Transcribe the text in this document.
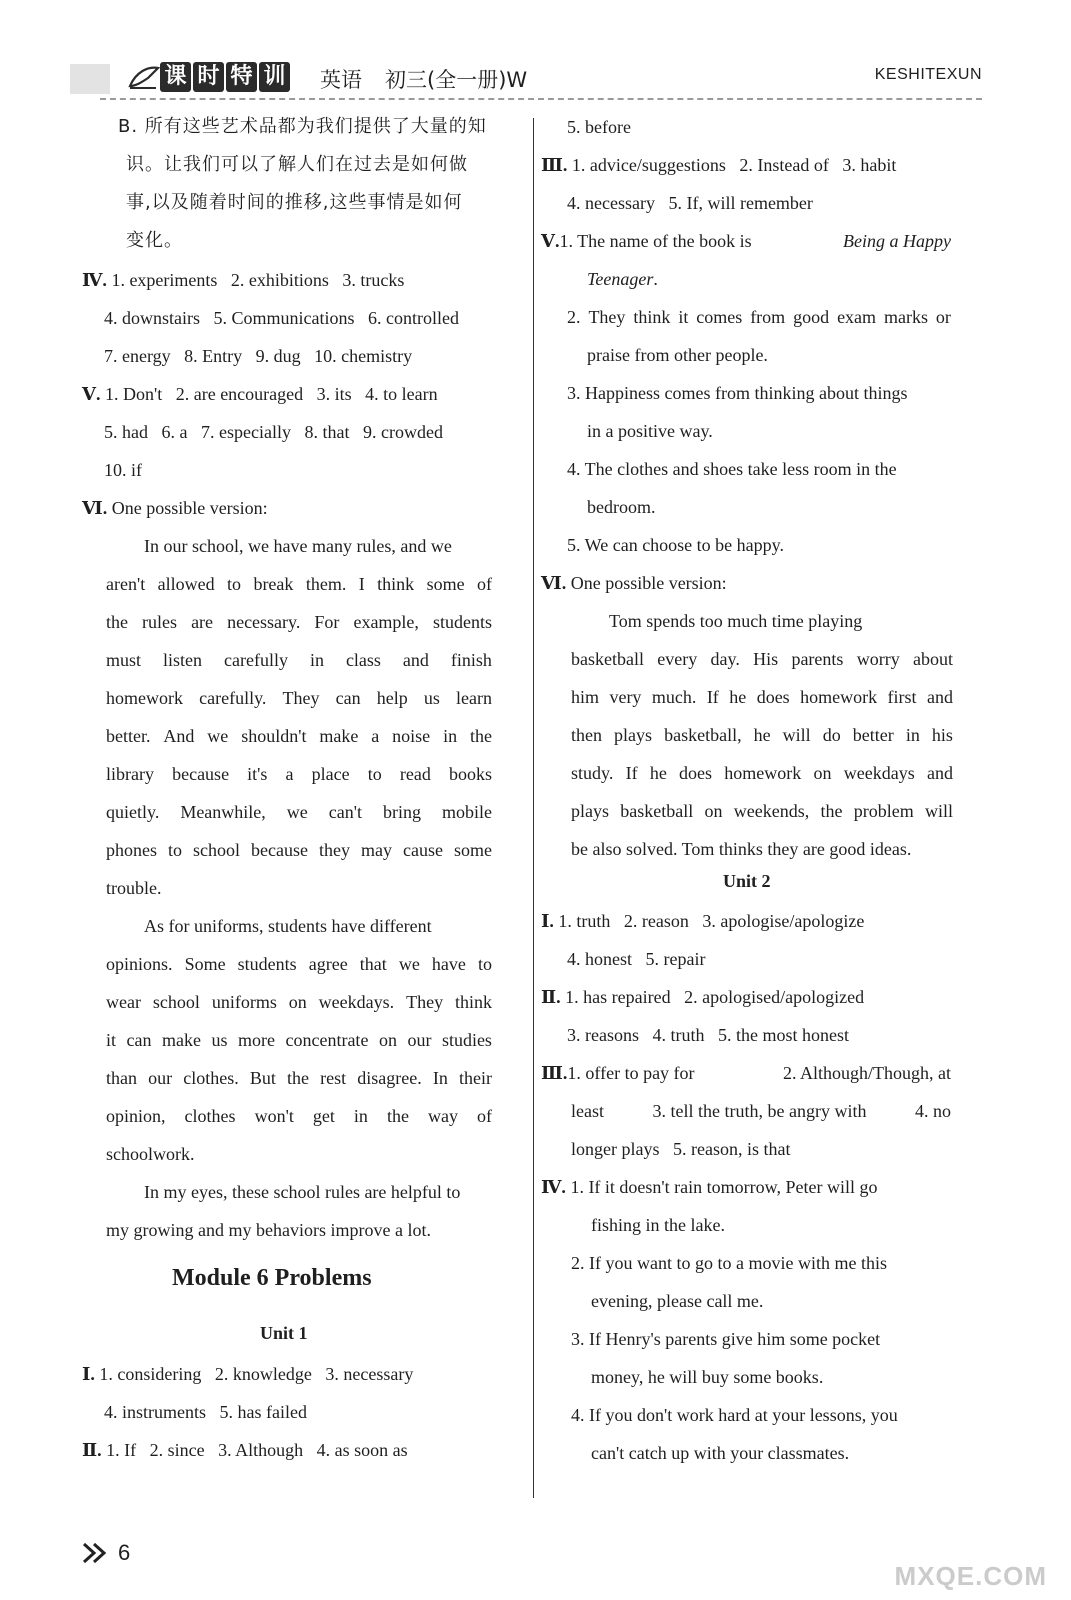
课 时 特 训 英语 初三(全一册)W	KESHITEXUN
B. 所有这些艺术品都为我们提供了大量的知
识。让我们可以了解人们在过去是如何做
事,以及随着时间的推移,这些事情是如何
变化。
Ⅳ. 1. experiments 2. exhibitions 3. trucks
4. downstairs 5. Communications 6. controlled
7. energy 8. Entry 9. dug 10. chemistry
Ⅴ. 1. Don't 2. are encouraged 3. its 4. to learn
5. had 6. a 7. especially 8. that 9. crowded
10. if
Ⅵ. One possible version:
In our school, we have many rules, and we
aren't allowed to break them. I think some of
the rules are necessary. For example, students
must listen carefully in class and finish
homework carefully. They can help us learn
better. And we shouldn't make a noise in the
library because it's a place to read books
quietly. Meanwhile, we can't bring mobile
phones to school because they may cause some
trouble.
As for uniforms, students have different
opinions. Some students agree that we have to
wear school uniforms on weekdays. They think
it can make us more concentrate on our studies
than our clothes. But the rest disagree. In their
opinion, clothes won't get in the way of
schoolwork.
In my eyes, these school rules are helpful to
my growing and my behaviors improve a lot.
Module 6 Problems
Unit 1
Ⅰ. 1. considering 2. knowledge 3. necessary
4. instruments 5. has failed
Ⅱ. 1. If 2. since 3. Although 4. as soon as
5. before
Ⅲ. 1. advice/suggestions 2. Instead of 3. habit
4. necessary 5. If, will remember
Ⅴ.1. The name of the book is	Being a Happy
Teenager.
2. They think it comes from good exam marks or
praise from other people.
3. Happiness comes from thinking about things
in a positive way.
4. The clothes and shoes take less room in the
bedroom.
5. We can choose to be happy.
Ⅵ. One possible version:
Tom spends too much time playing
basketball every day. His parents worry about
him very much. If he does homework first and
then plays basketball, he will do better in his
study. If he does homework on weekdays and
plays basketball on weekends, the problem will
be also solved. Tom thinks they are good ideas.
Unit 2
Ⅰ. 1. truth 2. reason 3. apologise/apologize
4. honest 5. repair
Ⅱ. 1. has repaired 2. apologised/apologized
3. reasons 4. truth 5. the most honest
Ⅲ.1. offer to pay for	2. Although/Though, at
least	3. tell the truth, be angry with	4. no
longer plays 5. reason, is that
Ⅳ. 1. If it doesn't rain tomorrow, Peter will go
fishing in the lake.
2. If you want to go to a movie with me this
evening, please call me.
3. If Henry's parents give him some pocket
money, he will buy some books.
4. If you don't work hard at your lessons, you
can't catch up with your classmates.
6
MXQE.COM
